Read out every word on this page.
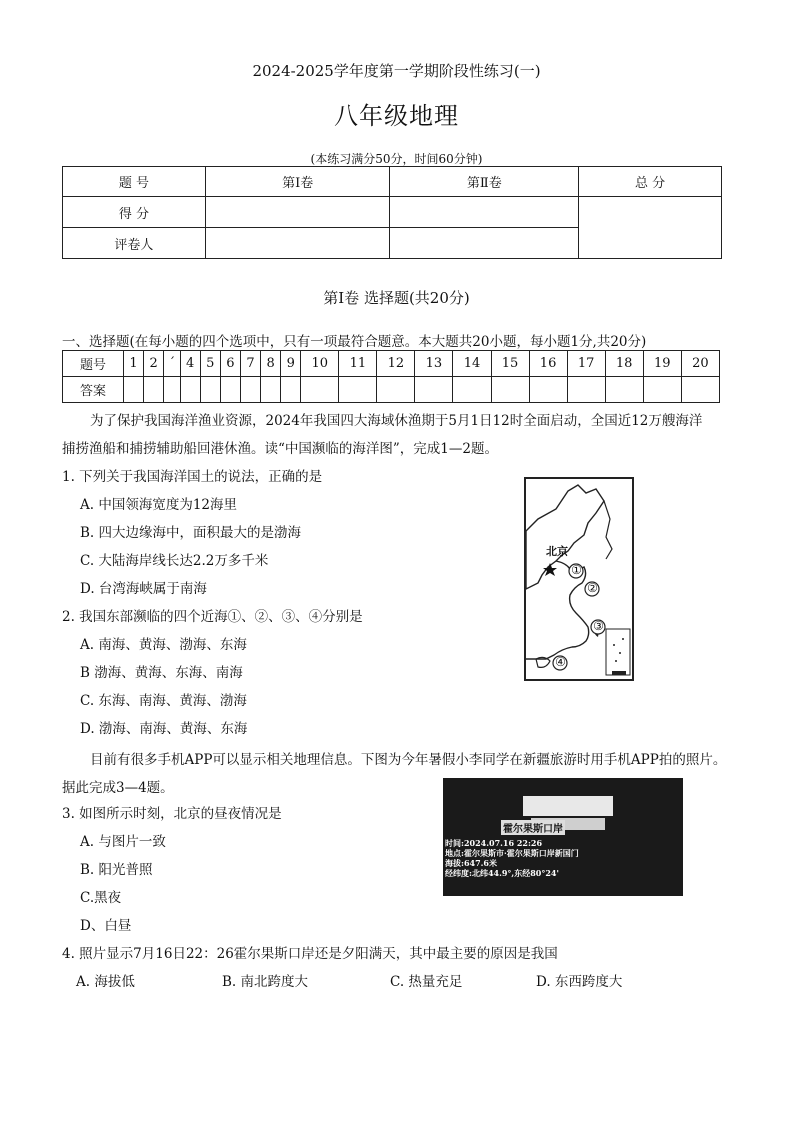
2024-2025学年度第一学期阶段性练习(一)
八年级地理
(本练习满分50分，时间60分钟)
题 号	第Ⅰ卷	第Ⅱ卷	总 分
得 分			
评卷人			
第Ⅰ卷 选择题(共20分)
一、选择题(在每小题的四个选项中，只有一项最符合题意。本大题共20小题，每小题1分,共20分)
题号	1	2	´	4	5	6	7	8	9	10	11	12	13	14	15	16	17	18	19	20
答案																				
为了保护我国海洋渔业资源，2024年我国四大海域休渔期于5月1日12时全面启动，全国近12万艘海洋
捕捞渔船和捕捞辅助船回港休渔。读“中国濒临的海洋图”，完成1—2题。
1. 下列关于我国海洋国土的说法，正确的是
A. 中国领海宽度为12海里
B. 四大边缘海中，面积最大的是渤海
C. 大陆海岸线长达2.2万多千米
D. 台湾海峡属于南海
2. 我国东部濒临的四个近海①、②、③、④分别是
A. 南海、黄海、渤海、东海
B 渤海、黄海、东海、南海
C. 东海、南海、黄海、渤海
D. 渤海、南海、黄海、东海
北京
①
②
③
④
目前有很多手机APP可以显示相关地理信息。下图为今年暑假小李同学在新疆旅游时用手机APP拍的照片。
据此完成3—4题。
霍尔果斯口岸
时间:2024.07.16 22:26
地点:霍尔果斯市·霍尔果斯口岸新国门
海拔:647.6米
经纬度:北纬44.9°,东经80°24'
3. 如图所示时刻，北京的昼夜情况是
A. 与图片一致
B. 阳光普照
C.黑夜
D、白昼
4. 照片显示7月16日22：26霍尔果斯口岸还是夕阳满天，其中最主要的原因是我国
A. 海拔低	B. 南北跨度大	C. 热量充足	D. 东西跨度大
